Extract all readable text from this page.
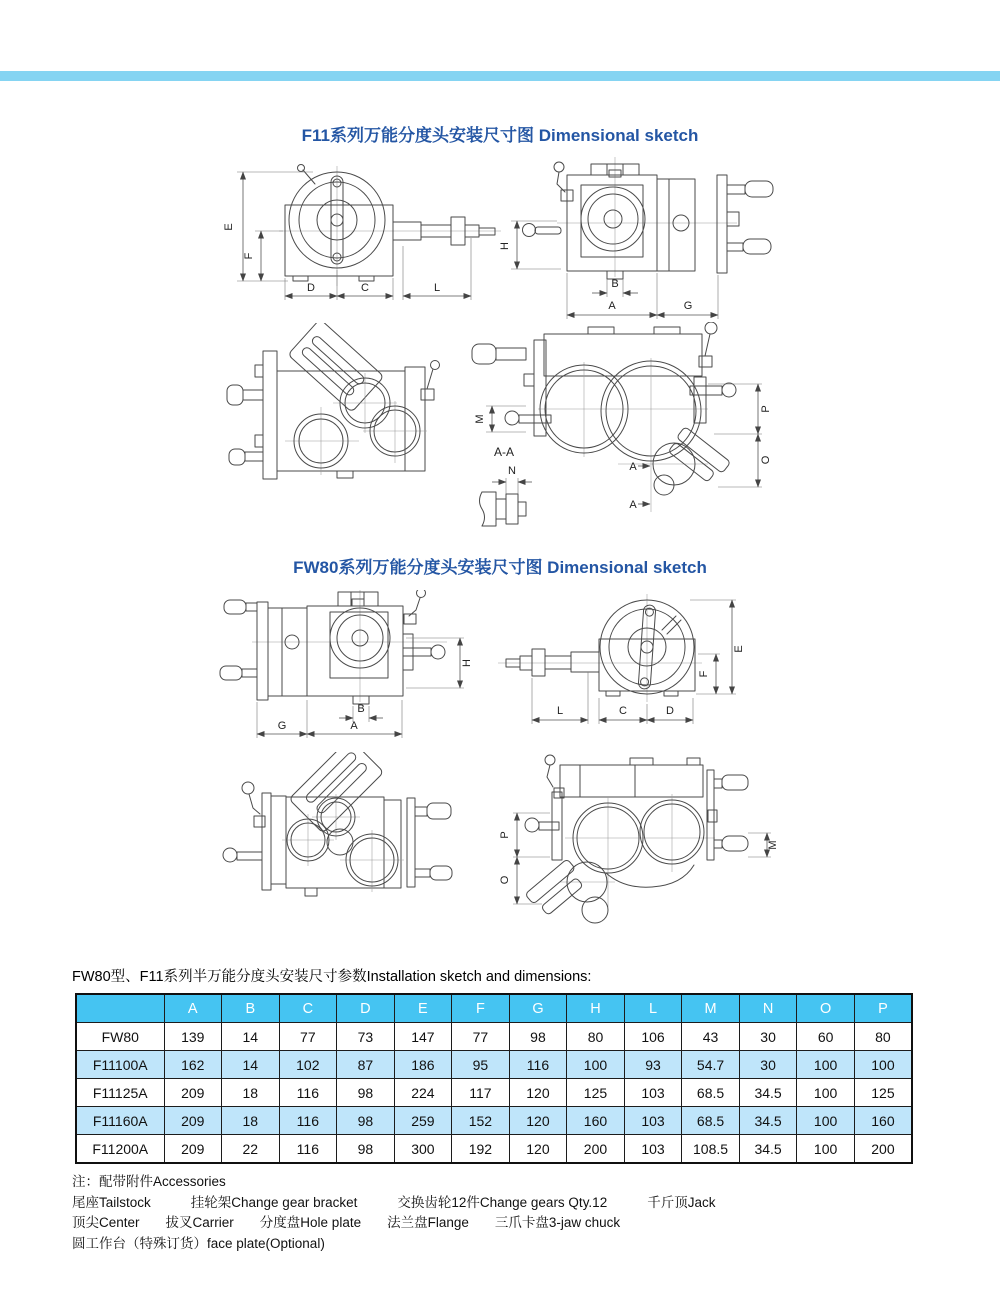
F11系列万能分度头安装尺寸图 Dimensional sketch
E
F
D	C	L
H
B
A	G
M
P
O
A-A
N	A
A
FW80系列万能分度头安装尺寸图 Dimensional sketch
H
B
G	A
E
F
L	C	D
P
O
M
FW80型、F11系列半万能分度头安装尺寸参数Installation sketch and dimensions:
	A	B	C	D	E	F	G	H	L	M	N	O	P
FW80	139	14	77	73	147	77	98	80	106	43	30	60	80
F11100A	162	14	102	87	186	95	116	100	93	54.7	30	100	100
F11125A	209	18	116	98	224	117	120	125	103	68.5	34.5	100	125
F11160A	209	18	116	98	259	152	120	160	103	68.5	34.5	100	160
F11200A	209	22	116	98	300	192	120	200	103	108.5	34.5	100	200
注：配带附件Accessories
尾座Tailstock	挂轮架Change gear bracket	交换齿轮12件Change gears Qty.12	千斤顶Jack
顶尖Center 拔叉Carrier 分度盘Hole plate 法兰盘Flange 三爪卡盘3-jaw chuck
圆工作台（特殊订货）face plate(Optional)
